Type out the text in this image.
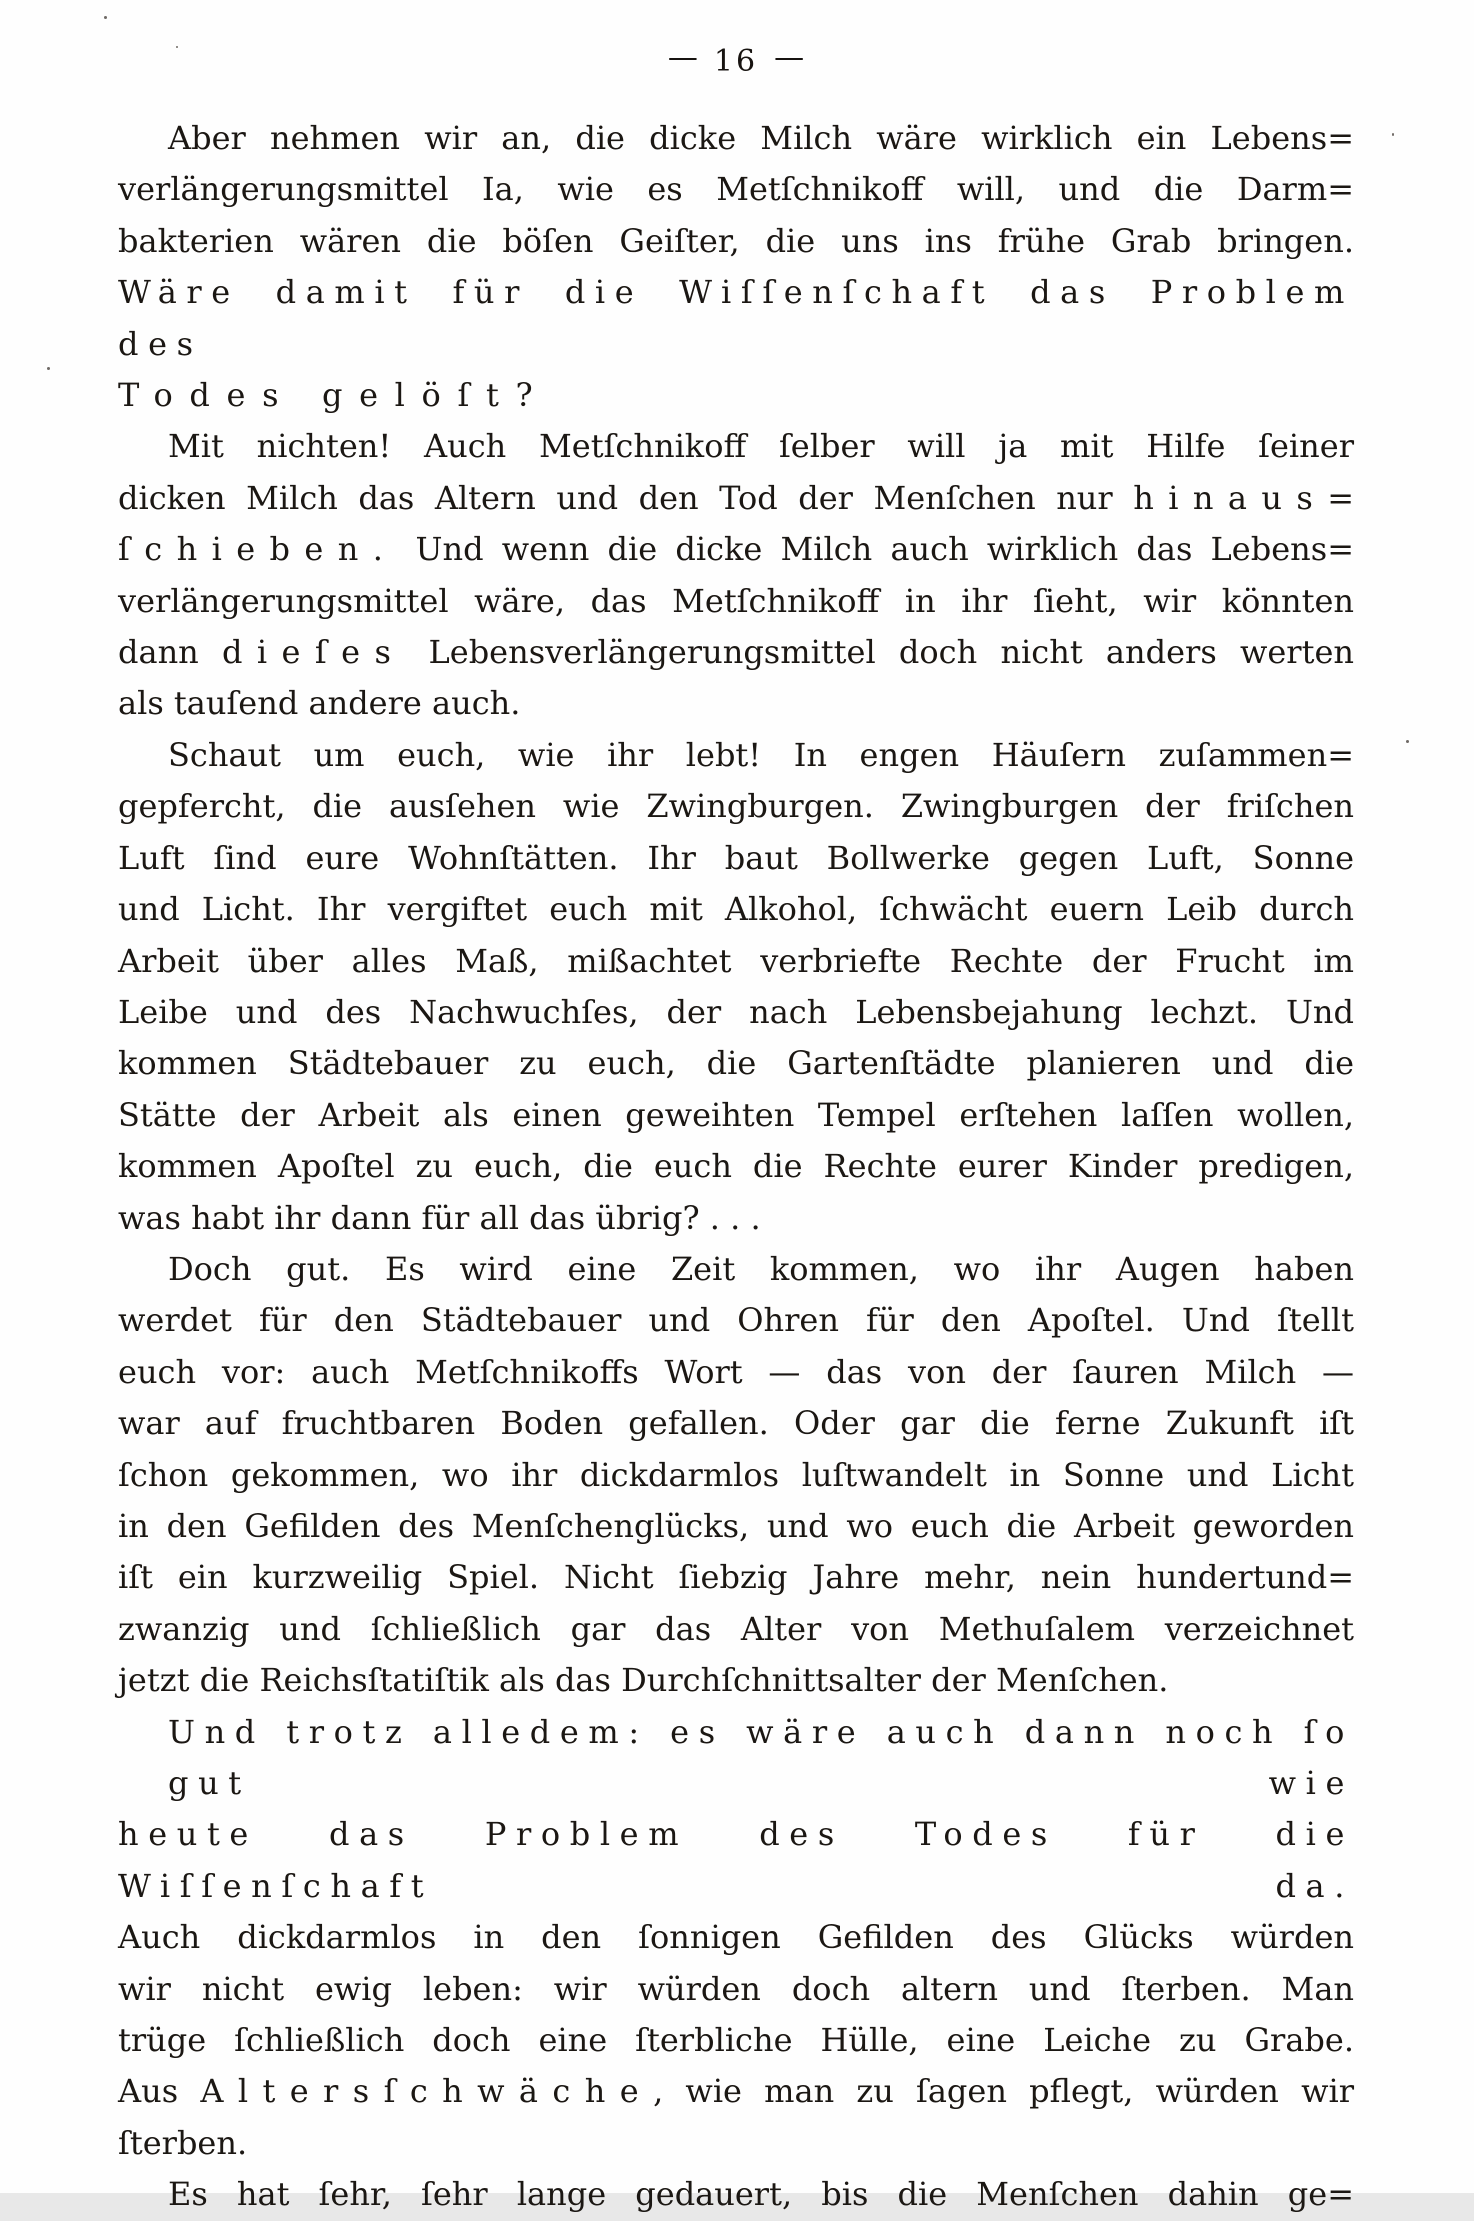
— 16 —
Aber nehmen wir an, die dicke Milch wäre wirklich ein Lebens=
verlängerungsmittel Ia, wie es Metſchnikoff will, und die Darm=
bakterien wären die böſen Geiſter, die uns ins frühe Grab bringen.
Wäre damit für die Wiſſenſchaft das Problem des
Todes gelöſt?
Mit nichten! Auch Metſchnikoff ſelber will ja mit Hilfe ſeiner
dicken Milch das Altern und den Tod der Menſchen nur hinaus=
ſchieben. Und wenn die dicke Milch auch wirklich das Lebens=
verlängerungsmittel wäre, das Metſchnikoff in ihr ſieht, wir könnten
dann dieſes Lebensverlängerungsmittel doch nicht anders werten
als tauſend andere auch.
Schaut um euch, wie ihr lebt! In engen Häuſern zuſammen=
gepfercht, die ausſehen wie Zwingburgen. Zwingburgen der friſchen
Luft ſind eure Wohnſtätten. Ihr baut Bollwerke gegen Luft, Sonne
und Licht. Ihr vergiftet euch mit Alkohol, ſchwächt euern Leib durch
Arbeit über alles Maß, mißachtet verbriefte Rechte der Frucht im
Leibe und des Nachwuchſes, der nach Lebensbejahung lechzt. Und
kommen Städtebauer zu euch, die Gartenſtädte planieren und die
Stätte der Arbeit als einen geweihten Tempel erſtehen laſſen wollen,
kommen Apoſtel zu euch, die euch die Rechte eurer Kinder predigen,
was habt ihr dann für all das übrig? . . .
Doch gut. Es wird eine Zeit kommen, wo ihr Augen haben
werdet für den Städtebauer und Ohren für den Apoſtel. Und ſtellt
euch vor: auch Metſchnikoffs Wort — das von der ſauren Milch —
war auf fruchtbaren Boden gefallen. Oder gar die ferne Zukunft iſt
ſchon gekommen, wo ihr dickdarmlos luſtwandelt in Sonne und Licht
in den Gefilden des Menſchenglücks, und wo euch die Arbeit geworden
iſt ein kurzweilig Spiel. Nicht ſiebzig Jahre mehr, nein hundertund=
zwanzig und ſchließlich gar das Alter von Methuſalem verzeichnet
jetzt die Reichsſtatiſtik als das Durchſchnittsalter der Menſchen.
Und trotz alledem: es wäre auch dann noch ſo gut wie
heute das Problem des Todes für die Wiſſenſchaft da.
Auch dickdarmlos in den ſonnigen Gefilden des Glücks würden
wir nicht ewig leben: wir würden doch altern und ſterben. Man
trüge ſchließlich doch eine ſterbliche Hülle, eine Leiche zu Grabe.
Aus Altersſchwäche, wie man zu ſagen pflegt, würden wir ſterben.
Es hat ſehr, ſehr lange gedauert, bis die Menſchen dahin ge=
